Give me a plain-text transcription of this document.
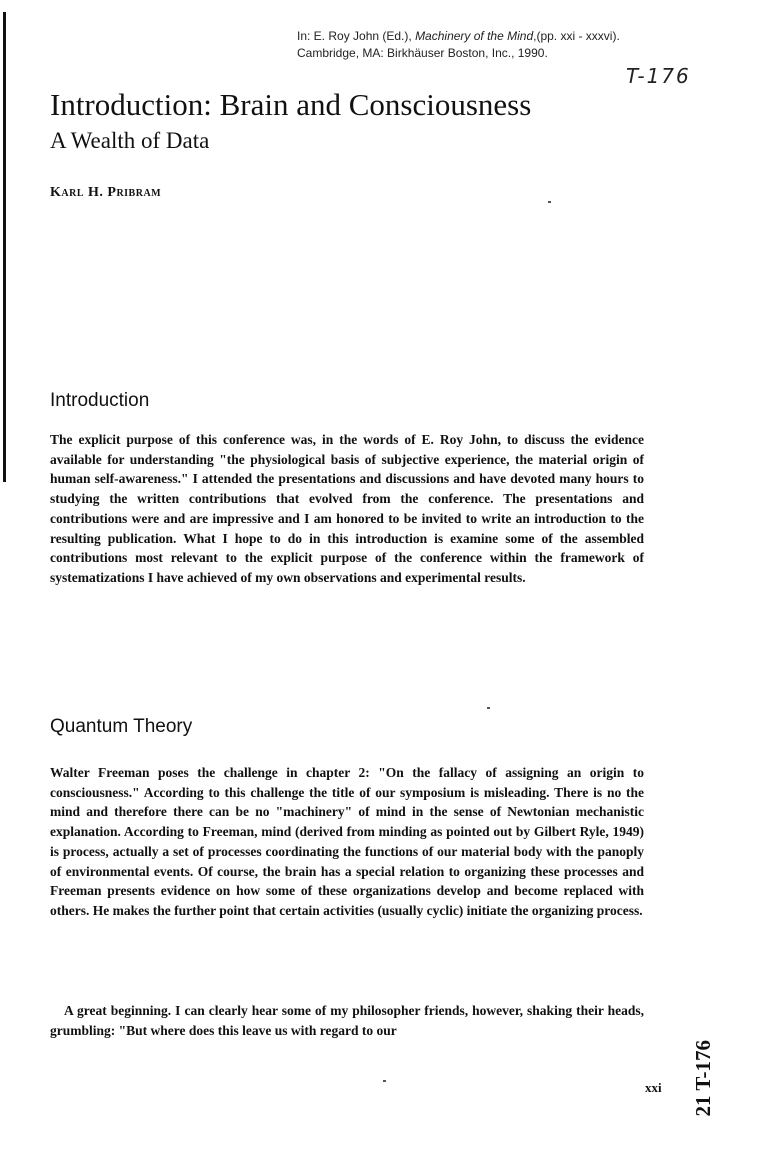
In: E. Roy John (Ed.), Machinery of the Mind,(pp. xxi - xxxvi).
Cambridge, MA: Birkhäuser Boston, Inc., 1990.
T-176
Introduction: Brain and Consciousness
A Wealth of Data
Karl H. Pribram
Introduction

The explicit purpose of this conference was, in the words of E. Roy John, to discuss the evidence available for understanding "the physiological basis of subjective experience, the material origin of human self-awareness." I attended the presentations and discussions and have devoted many hours to studying the written contributions that evolved from the conference. The presentations and contributions were and are impressive and I am honored to be invited to write an introduction to the resulting publication. What I hope to do in this introduction is examine some of the assembled contributions most relevant to the explicit purpose of the conference within the framework of systematizations I have achieved of my own observations and experimental results.

Quantum Theory

Walter Freeman poses the challenge in chapter 2: "On the fallacy of assigning an origin to consciousness." According to this challenge the title of our symposium is misleading. There is no the mind and therefore there can be no "machinery" of mind in the sense of Newtonian mechanistic explanation. According to Freeman, mind (derived from minding as pointed out by Gilbert Ryle, 1949) is process, actually a set of processes coordinating the functions of our material body with the panoply of environmental events. Of course, the brain has a special relation to organizing these processes and Freeman presents evidence on how some of these organizations develop and become replaced with others. He makes the further point that certain activities (usually cyclic) initiate the organizing process.

A great beginning. I can clearly hear some of my philosopher friends, however, shaking their heads, grumbling: "But where does this leave us with regard to our

xxi 21 T-176
